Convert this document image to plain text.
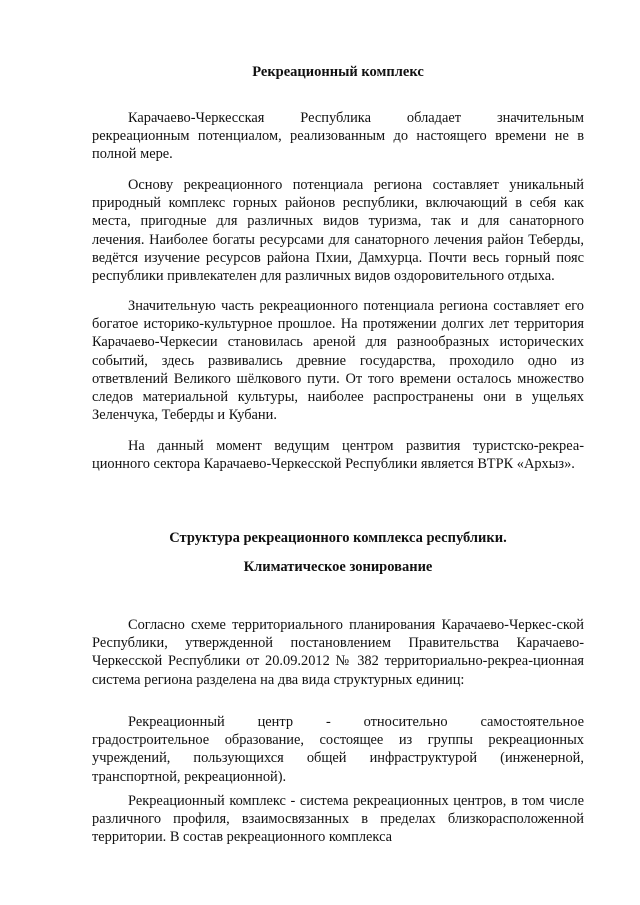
Рекреационный комплекс

Карачаево-Черкесская Республика обладает значительным рекреационным потенциалом, реализованным до настоящего времени не в полной мере.

Основу рекреационного потенциала региона составляет уникальный природный комплекс горных районов республики, включающий в себя как места, пригодные для различных видов туризма, так и для санаторного лечения. Наиболее богаты ресурсами для санаторного лечения район Теберды, ведётся изучение ресурсов района Пхии, Дамхурца. Почти весь горный пояс республики привлекателен для различных видов оздоровительного отдыха.

Значительную часть рекреационного потенциала региона составляет его богатое историко-культурное прошлое. На протяжении долгих лет территория Карачаево-Черкесии становилась ареной для разнообразных исторических событий, здесь развивались древние государства, проходило одно из ответвлений Великого шёлкового пути. От того времени осталось множество следов материальной культуры, наиболее распространены они в ущельях Зеленчука, Теберды и Кубани.

На данный момент ведущим центром развития туристско-рекреа-ционного сектора Карачаево-Черкесской Республики является ВТРК «Архыз».

Структура рекреационного комплекса республики.

Климатическое зонирование

Согласно схеме территориального планирования Карачаево-Черкес-ской Республики, утвержденной постановлением Правительства Карачаево-Черкесской Республики от 20.09.2012 № 382 территориально-рекреа-ционная система региона разделена на два вида структурных единиц:

Рекреационный центр - относительно самостоятельное градостроительное образование, состоящее из группы рекреационных учреждений, пользующихся общей инфраструктурой (инженерной, транспортной, рекреационной).

Рекреационный комплекс - система рекреационных центров, в том числе различного профиля, взаимосвязанных в пределах близкорасположенной территории. В состав рекреационного комплекса
